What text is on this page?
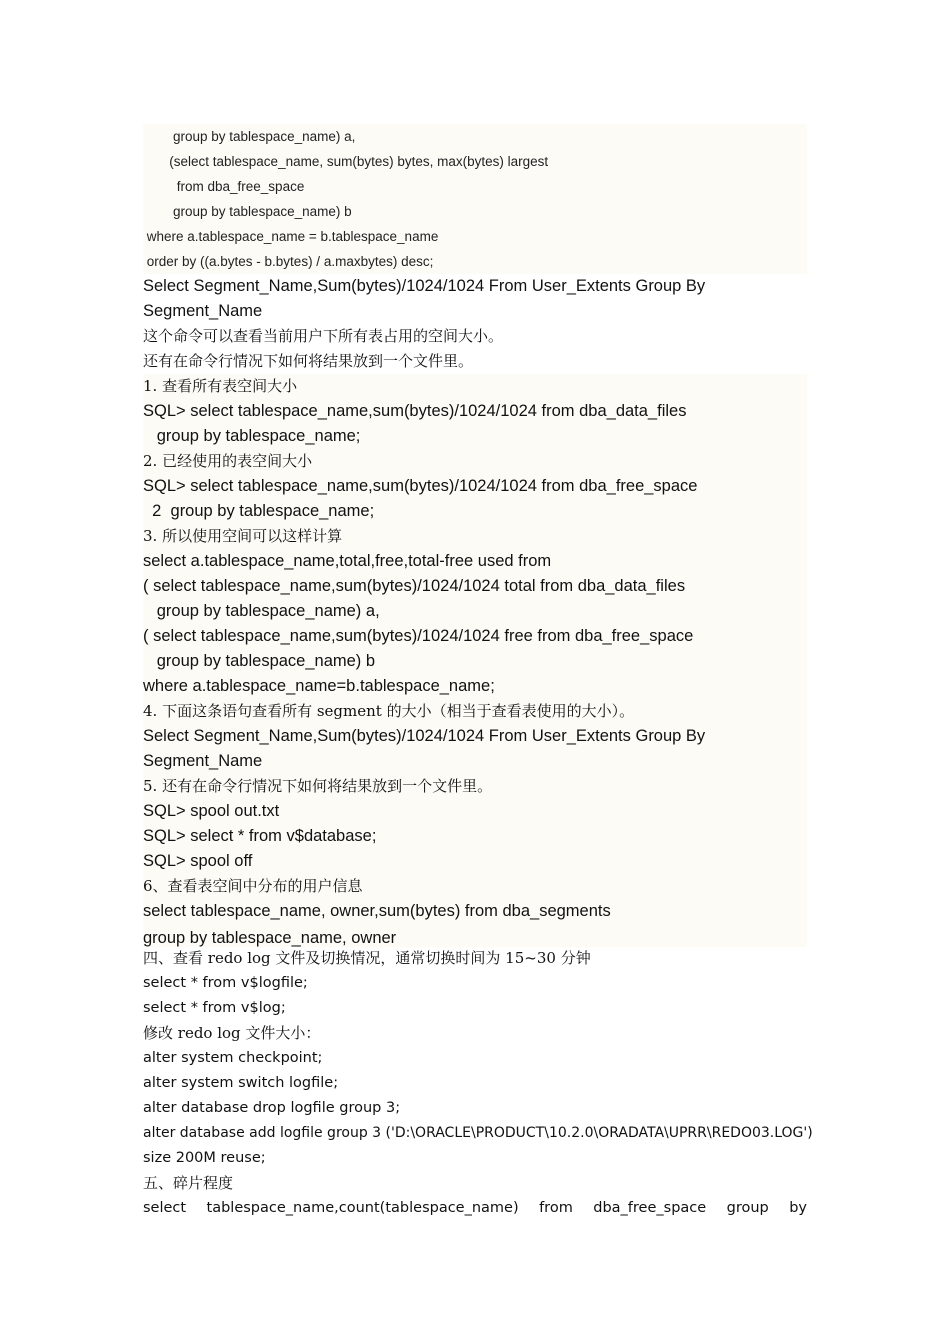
group by tablespace_name) a,
(select tablespace_name, sum(bytes) bytes, max(bytes) largest
from dba_free_space
group by tablespace_name) b
where a.tablespace_name = b.tablespace_name
order by ((a.bytes - b.bytes) / a.maxbytes) desc;
Select Segment_Name,Sum(bytes)/1024/1024 From User_Extents Group By
Segment_Name
这个命令可以查看当前用户下所有表占用的空间大小。
还有在命令行情况下如何将结果放到一个文件里。
1. 查看所有表空间大小
SQL> select tablespace_name,sum(bytes)/1024/1024 from dba_data_files
group by tablespace_name;
2. 已经使用的表空间大小
SQL> select tablespace_name,sum(bytes)/1024/1024 from dba_free_space
2  group by tablespace_name;
3. 所以使用空间可以这样计算
select a.tablespace_name,total,free,total-free used from
( select tablespace_name,sum(bytes)/1024/1024 total from dba_data_files
group by tablespace_name) a,
( select tablespace_name,sum(bytes)/1024/1024 free from dba_free_space
group by tablespace_name) b
where a.tablespace_name=b.tablespace_name;
4. 下面这条语句查看所有 segment 的大小（相当于查看表使用的大小）。
Select Segment_Name,Sum(bytes)/1024/1024 From User_Extents Group By
Segment_Name
5. 还有在命令行情况下如何将结果放到一个文件里。
SQL> spool out.txt
SQL> select * from v$database;
SQL> spool off
6、查看表空间中分布的用户信息
select tablespace_name, owner,sum(bytes) from dba_segments
group by tablespace_name, owner
四、查看 redo log 文件及切换情况，通常切换时间为 15~30 分钟
select * from v$logfile;
select * from v$log;
修改 redo log 文件大小：
alter system checkpoint;
alter system switch logfile;
alter database drop logfile group 3;
alter database add logfile group 3 ('D:\ORACLE\PRODUCT\10.2.0\ORADATA\UPRR\REDO03.LOG')
size 200M reuse;
五、碎片程度
select tablespace_name,count(tablespace_name) from dba_free_space group by
